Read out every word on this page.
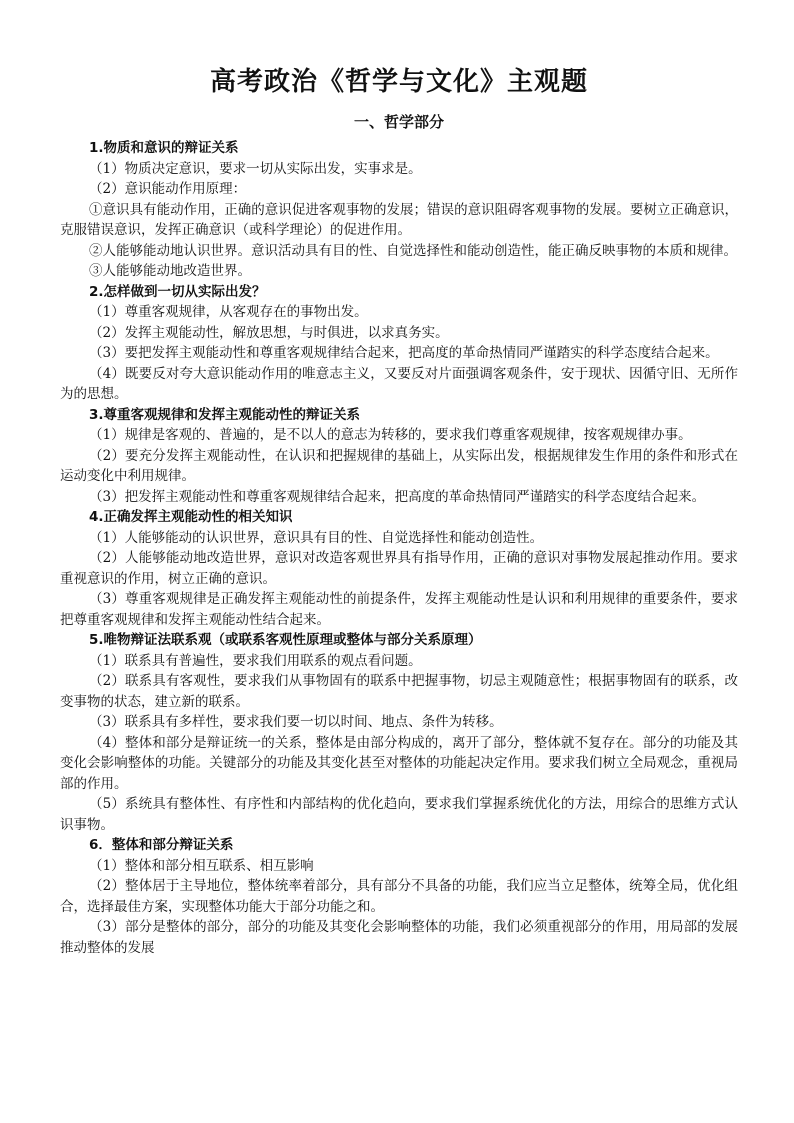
高考政治《哲学与文化》主观题
一、哲学部分

1.物质和意识的辩证关系

（1）物质决定意识，要求一切从实际出发，实事求是。

（2）意识能动作用原理：

①意识具有能动作用，正确的意识促进客观事物的发展；错误的意识阻碍客观事物的发展。要树立正确意识，克服错误意识，发挥正确意识（或科学理论）的促进作用。

②人能够能动地认识世界。意识活动具有目的性、自觉选择性和能动创造性，能正确反映事物的本质和规律。

③人能够能动地改造世界。

2.怎样做到一切从实际出发？

（1）尊重客观规律，从客观存在的事物出发。

（2）发挥主观能动性，解放思想，与时俱进，以求真务实。

（3）要把发挥主观能动性和尊重客观规律结合起来，把高度的革命热情同严谨踏实的科学态度结合起来。

（4）既要反对夸大意识能动作用的唯意志主义，又要反对片面强调客观条件，安于现状、因循守旧、无所作为的思想。

3.尊重客观规律和发挥主观能动性的辩证关系

（1）规律是客观的、普遍的，是不以人的意志为转移的，要求我们尊重客观规律，按客观规律办事。

（2）要充分发挥主观能动性，在认识和把握规律的基础上，从实际出发，根据规律发生作用的条件和形式在运动变化中利用规律。

（3）把发挥主观能动性和尊重客观规律结合起来，把高度的革命热情同严谨踏实的科学态度结合起来。

4.正确发挥主观能动性的相关知识

（1）人能够能动的认识世界，意识具有目的性、自觉选择性和能动创造性。

（2）人能够能动地改造世界，意识对改造客观世界具有指导作用，正确的意识对事物发展起推动作用。要求重视意识的作用，树立正确的意识。

（3）尊重客观规律是正确发挥主观能动性的前提条件，发挥主观能动性是认识和利用规律的重要条件，要求把尊重客观规律和发挥主观能动性结合起来。

5.唯物辩证法联系观（或联系客观性原理或整体与部分关系原理）

（1）联系具有普遍性，要求我们用联系的观点看问题。

（2）联系具有客观性，要求我们从事物固有的联系中把握事物，切忌主观随意性；根据事物固有的联系，改变事物的状态，建立新的联系。

（3）联系具有多样性，要求我们要一切以时间、地点、条件为转移。

（4）整体和部分是辩证统一的关系，整体是由部分构成的，离开了部分，整体就不复存在。部分的功能及其变化会影响整体的功能。关键部分的功能及其变化甚至对整体的功能起决定作用。要求我们树立全局观念，重视局部的作用。

（5）系统具有整体性、有序性和内部结构的优化趋向，要求我们掌握系统优化的方法，用综合的思维方式认识事物。

6．整体和部分辩证关系

（1）整体和部分相互联系、相互影响

（2）整体居于主导地位，整体统率着部分，具有部分不具备的功能，我们应当立足整体，统筹全局，优化组合，选择最佳方案，实现整体功能大于部分功能之和。

（3）部分是整体的部分，部分的功能及其变化会影响整体的功能，我们必须重视部分的作用，用局部的发展推动整体的发展
